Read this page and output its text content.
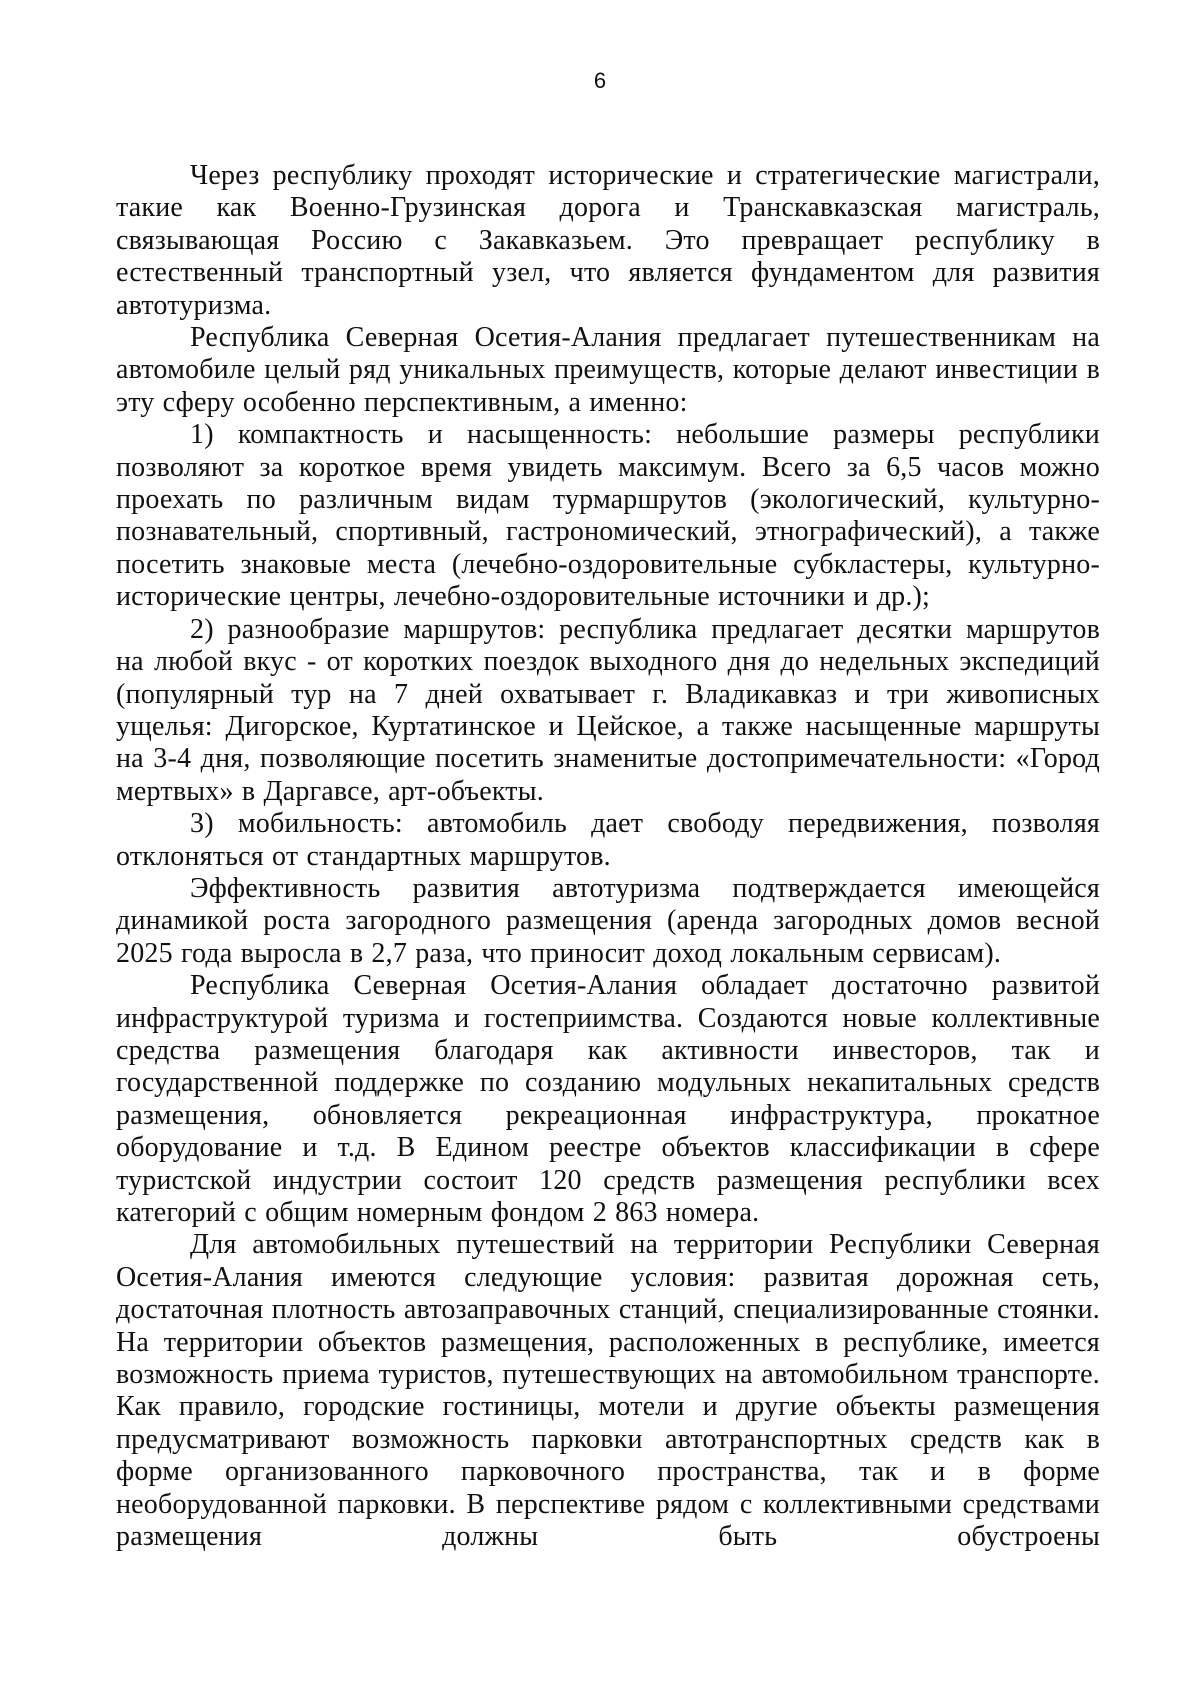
6

Через республику проходят исторические и стратегические магистрали, такие как Военно-Грузинская дорога и Транскавказская магистраль, связывающая Россию с Закавказьем. Это превращает республику в естественный транспортный узел, что является фундаментом для развития автотуризма.

Республика Северная Осетия-Алания предлагает путешественникам на автомобиле целый ряд уникальных преимуществ, которые делают инвестиции в эту сферу особенно перспективным, а именно:

1) компактность и насыщенность: небольшие размеры республики позволяют за короткое время увидеть максимум. Всего за 6,5 часов можно проехать по различным видам турмаршрутов (экологический, культурно-познавательный, спортивный, гастрономический, этнографический), а также посетить знаковые места (лечебно-оздоровительные субкластеры, культурно-исторические центры, лечебно-оздоровительные источники и др.);

2) разнообразие маршрутов: республика предлагает десятки маршрутов на любой вкус - от коротких поездок выходного дня до недельных экспедиций (популярный тур на 7 дней охватывает г. Владикавказ и три живописных ущелья: Дигорское, Куртатинское и Цейское, а также насыщенные маршруты на 3-4 дня, позволяющие посетить знаменитые достопримечательности: «Город мертвых» в Даргавсе, арт-объекты.

3) мобильность: автомобиль дает свободу передвижения, позволяя отклоняться от стандартных маршрутов.

Эффективность развития автотуризма подтверждается имеющейся динамикой роста загородного размещения (аренда загородных домов весной 2025 года выросла в 2,7 раза, что приносит доход локальным сервисам).

Республика Северная Осетия-Алания обладает достаточно развитой инфраструктурой туризма и гостеприимства. Создаются новые коллективные средства размещения благодаря как активности инвесторов, так и государственной поддержке по созданию модульных некапитальных средств размещения, обновляется рекреационная инфраструктура, прокатное оборудование и т.д. В Едином реестре объектов классификации в сфере туристской индустрии состоит 120 средств размещения республики всех категорий с общим номерным фондом 2 863 номера.

Для автомобильных путешествий на территории Республики Северная Осетия-Алания имеются следующие условия: развитая дорожная сеть, достаточная плотность автозаправочных станций, специализированные стоянки. На территории объектов размещения, расположенных в республике, имеется возможность приема туристов, путешествующих на автомобильном транспорте. Как правило, городские гостиницы, мотели и другие объекты размещения предусматривают возможность парковки автотранспортных средств как в форме организованного парковочного пространства, так и в форме необорудованной парковки. В перспективе рядом с коллективными средствами размещения должны быть обустроены
